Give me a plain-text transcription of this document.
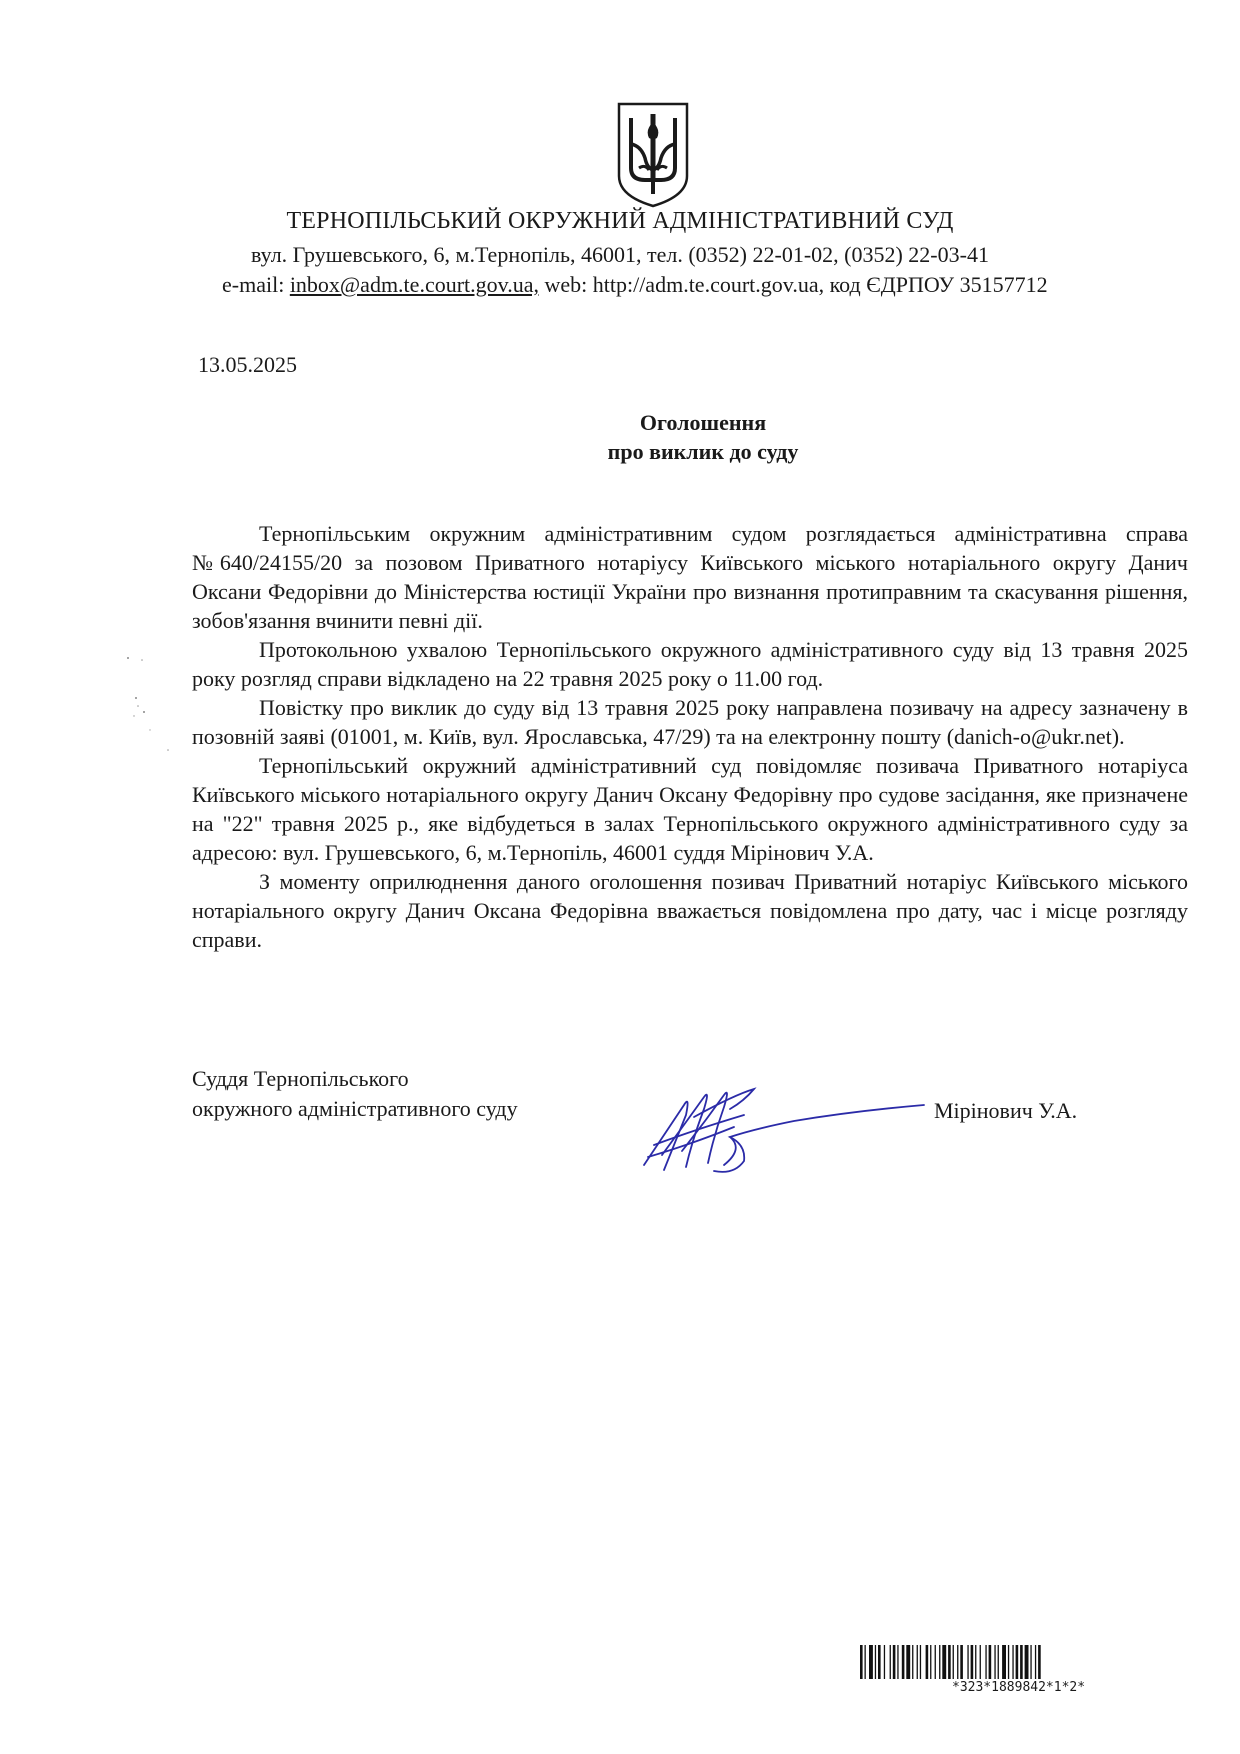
ТЕРНОПІЛЬСЬКИЙ ОКРУЖНИЙ АДМІНІСТРАТИВНИЙ СУД
вул. Грушевського, 6, м.Тернопіль, 46001, тел. (0352) 22-01-02, (0352) 22-03-41
e-mail: inbox@adm.te.court.gov.ua, web: http://adm.te.court.gov.ua, код ЄДРПОУ 35157712
13.05.2025
Оголошення
про виклик до суду

Тернопільським окружним адміністративним судом розглядається адміністративна справа №640/24155/20 за позовом Приватного нотаріусу Київського міського нотаріального округу Данич Оксани Федорівни до Міністерства юстиції України про визнання протиправним та скасування рішення, зобов'язання вчинити певні дії.

Протокольною ухвалою Тернопільського окружного адміністративного суду від 13 травня 2025 року розгляд справи відкладено на 22 травня 2025 року о 11.00 год.

Повістку про виклик до суду від 13 травня 2025 року направлена позивачу на адресу зазначену в позовній заяві (01001, м. Київ, вул. Ярославська, 47/29) та на електронну пошту (danich-o@ukr.net).

Тернопільський окружний адміністративний суд повідомляє позивача Приватного нотаріуса Київського міського нотаріального округу Данич Оксану Федорівну про судове засідання, яке призначене на "22" травня 2025 р., яке відбудеться в залах Тернопільського окружного адміністративного суду за адресою: вул. Грушевського, 6, м.Тернопіль, 46001 суддя Мірінович У.А.

З моменту оприлюднення даного оголошення позивач Приватний нотаріус Київського міського нотаріального округу Данич Оксана Федорівна вважається повідомлена про дату, час і місце розгляду справи.

Суддя Тернопільського
окружного адміністративного суду	Мірінович У.А.
*323*1889842*1*2*
